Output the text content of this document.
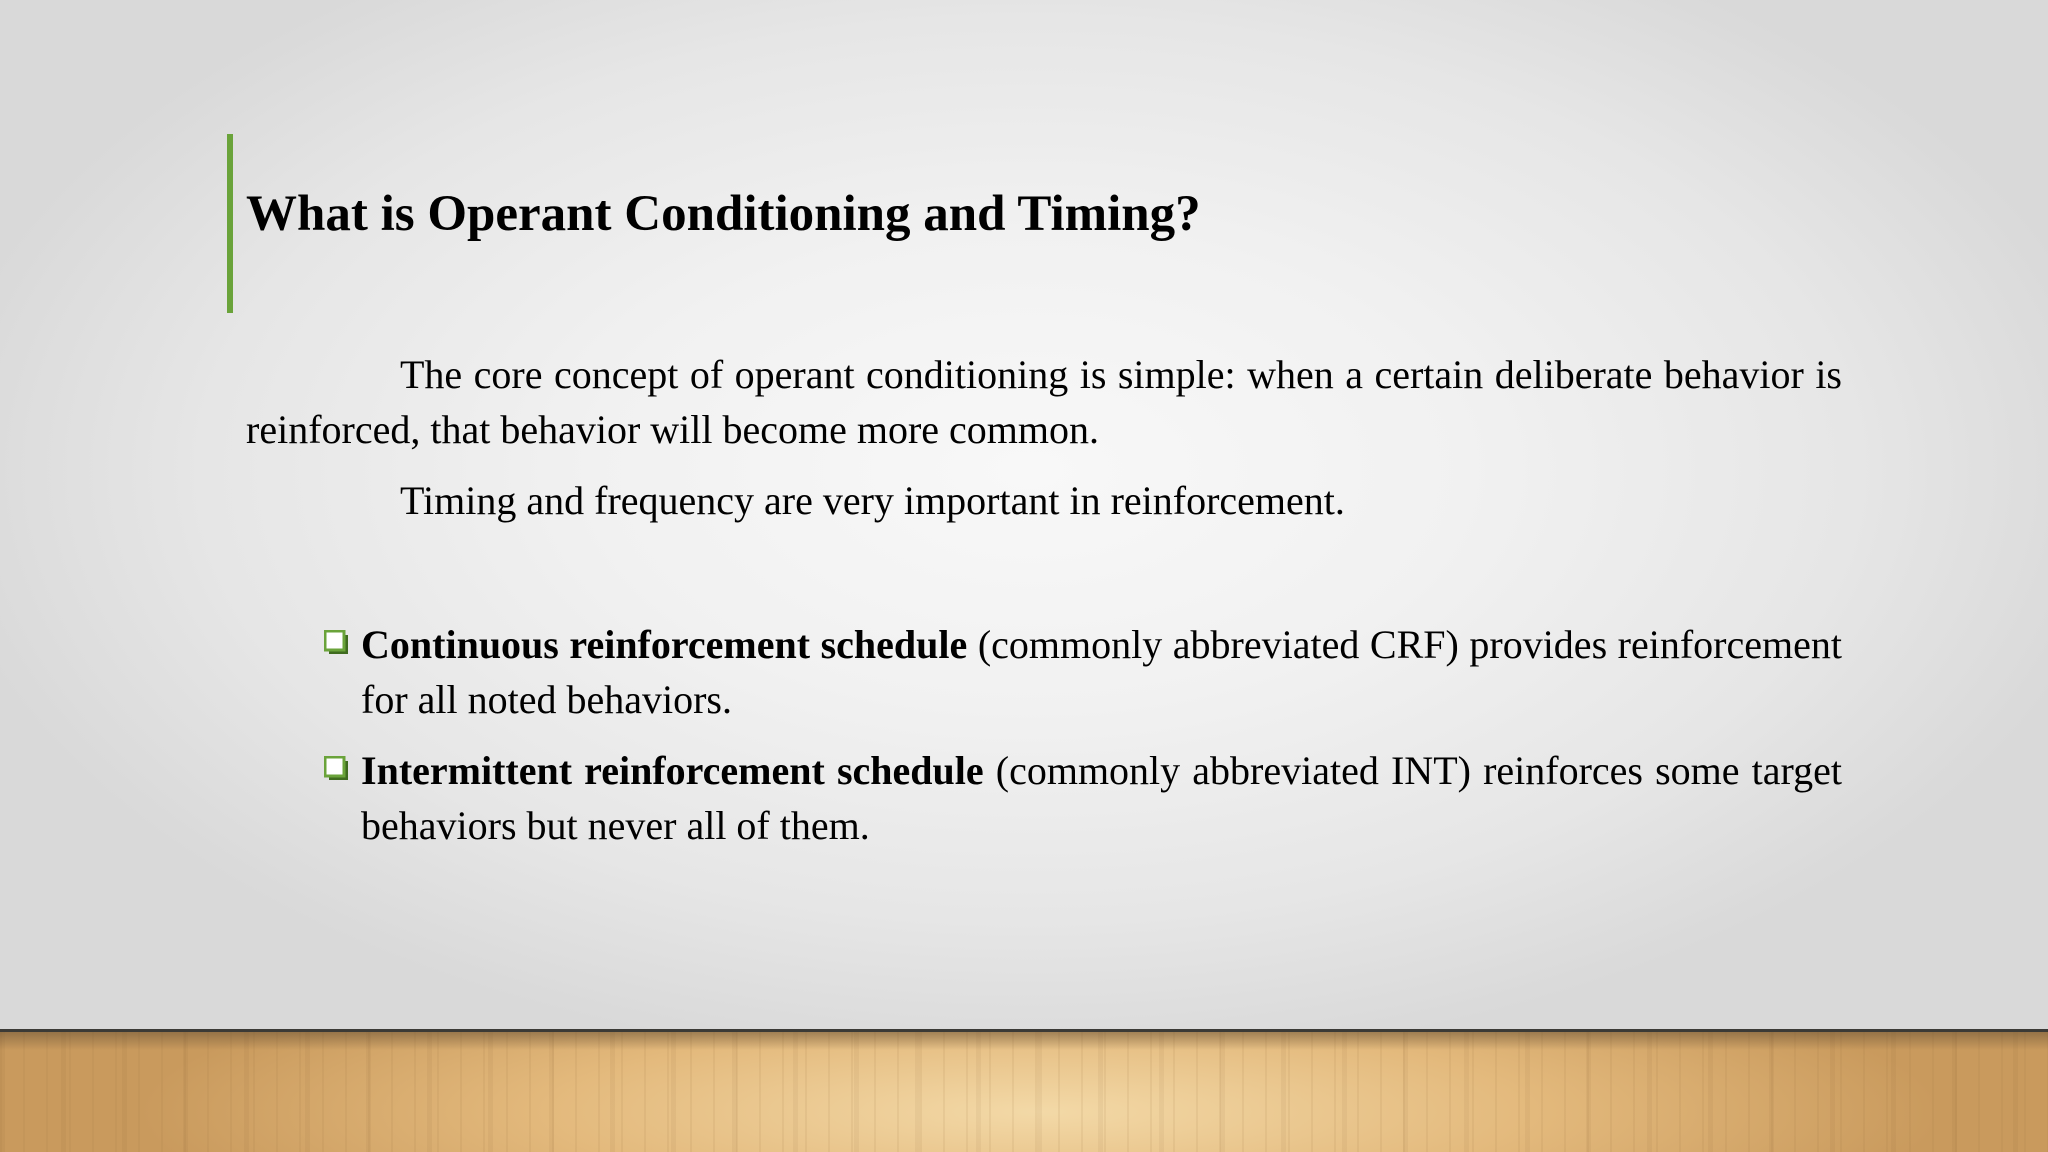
What is Operant Conditioning and Timing?
The core concept of operant conditioning is simple: when a certain deliberate behavior is reinforced, that behavior will become more common.
Timing and frequency are very important in reinforcement.
Continuous reinforcement schedule (commonly abbreviated CRF) provides reinforcement for all noted behaviors.
Intermittent reinforcement schedule (commonly abbreviated INT) reinforces some target behaviors but never all of them.
